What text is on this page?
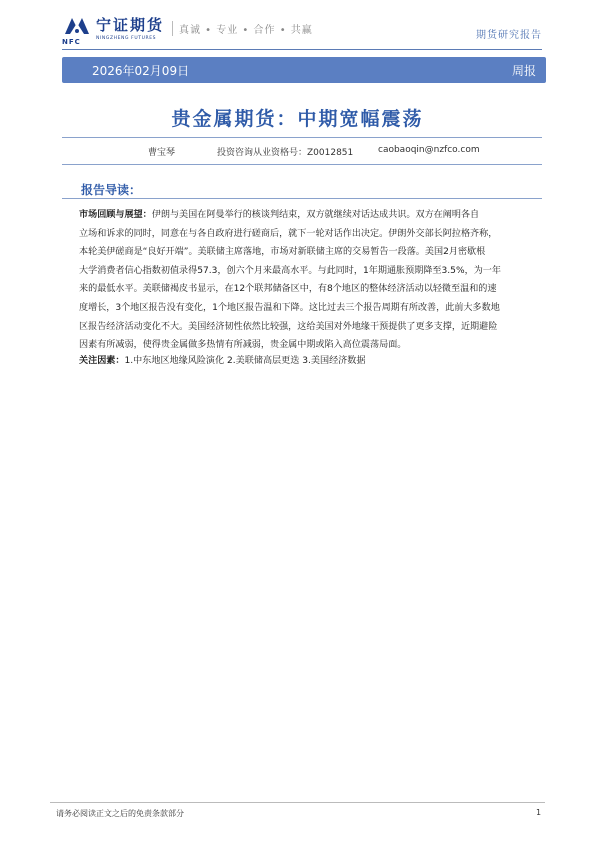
宁证期货
NFC	NINGZHENG FUTURES
真诚 • 专业 • 合作 • 共赢	期货研究报告
2026年02月09日	周报
贵金属期货：中期宽幅震荡
曹宝琴	投资咨询从业资格号：Z0012851	caobaoqin@nzfco.com
报告导读：
市场回顾与展望：伊朗与美国在阿曼举行的核谈判结束，双方就继续对话达成共识。双方在阐明各自
立场和诉求的同时，同意在与各自政府进行磋商后，就下一轮对话作出决定。伊朗外交部长阿拉格齐称，
本轮美伊磋商是“良好开端”。美联储主席落地，市场对新联储主席的交易暂告一段落。美国2月密歇根
大学消费者信心指数初值录得57.3，创六个月来最高水平。与此同时，1年期通胀预期降至3.5%，为一年
来的最低水平。美联储褐皮书显示，在12个联邦储备区中，有8个地区的整体经济活动以轻微至温和的速
度增长，3个地区报告没有变化，1个地区报告温和下降。这比过去三个报告周期有所改善，此前大多数地
区报告经济活动变化不大。美国经济韧性依然比较强，这给美国对外地缘干预提供了更多支撑，近期避险
因素有所减弱，使得贵金属做多热情有所减弱，贵金属中期或陷入高位震荡局面。
关注因素：1.中东地区地缘风险演化 2.美联储高层更迭 3.美国经济数据
请务必阅读正文之后的免责条款部分	1
